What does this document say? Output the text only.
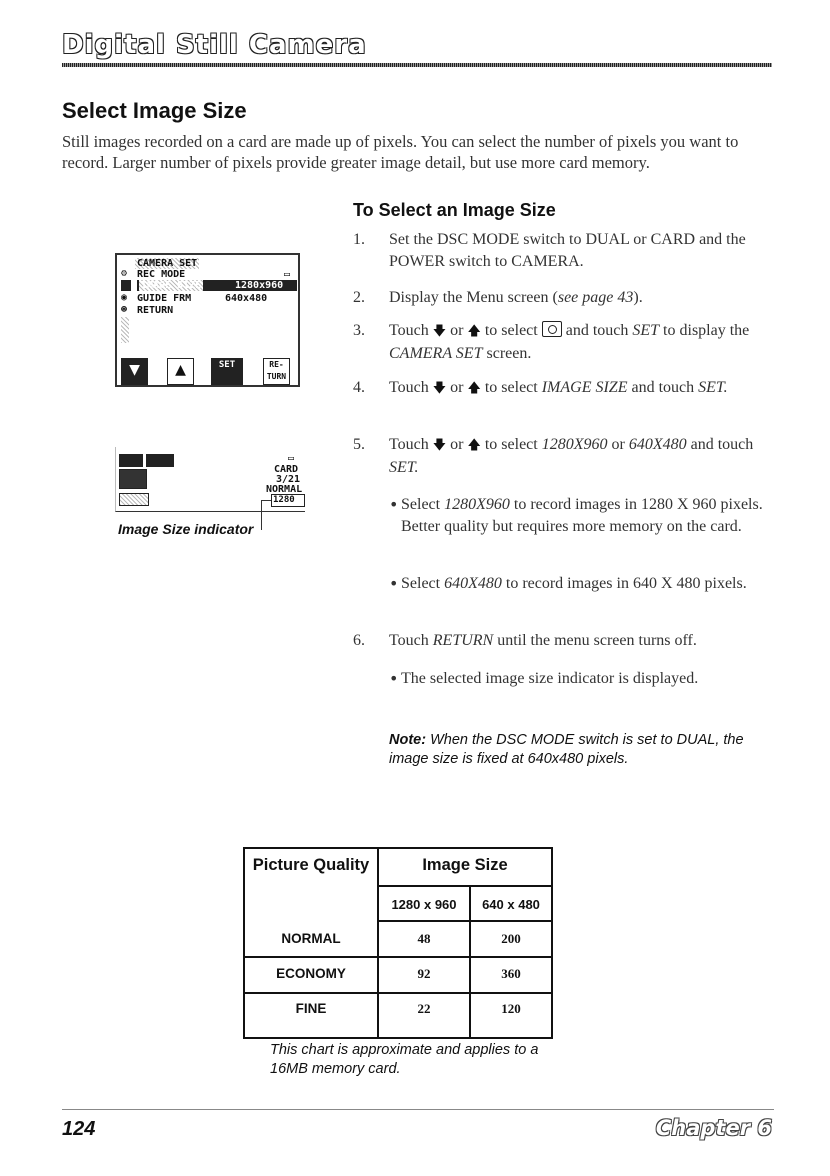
Digital Still Camera
Select Image Size
Still images recorded on a card are made up of pixels. You can select the number of pixels you want to record. Larger number of pixels provide greater image detail, but use more card memory.
To Select an Image Size
1. Set the DSC MODE switch to DUAL or CARD and the POWER switch to CAMERA.
2. Display the Menu screen (see page 43).
3. Touch 🡇 or 🡅 to select and touch SET to display the CAMERA SET screen.
4. Touch 🡇 or 🡅 to select IMAGE SIZE and touch SET.
5. Touch 🡇 or 🡅 to select 1280X960 or 640X480 and touch SET.
• Select 1280X960 to record images in 1280 X 960 pixels. Better quality but requires more memory on the card.
• Select 640X480 to record images in 640 X 480 pixels.
6. Touch RETURN until the menu screen turns off.
• The selected image size indicator is displayed.
Note: When the DSC MODE switch is set to DUAL, the image size is fixed at 640x480 pixels.
CAMERA SET
⚙ REC MODE	▭
IMAGE SIZE	1280x960
◉ GUIDE FRM	640x480
⊛ RETURN
▼	▲	SET	RE-TURN
▭
CARD
3/21
NORMAL
1280
Image Size indicator
Picture Quality	Image Size
1280 x 960	640 x 480
NORMAL	48	200
ECONOMY	92	360
FINE	22	120
This chart is approximate and applies to a 16MB memory card.
124	Chapter 6
